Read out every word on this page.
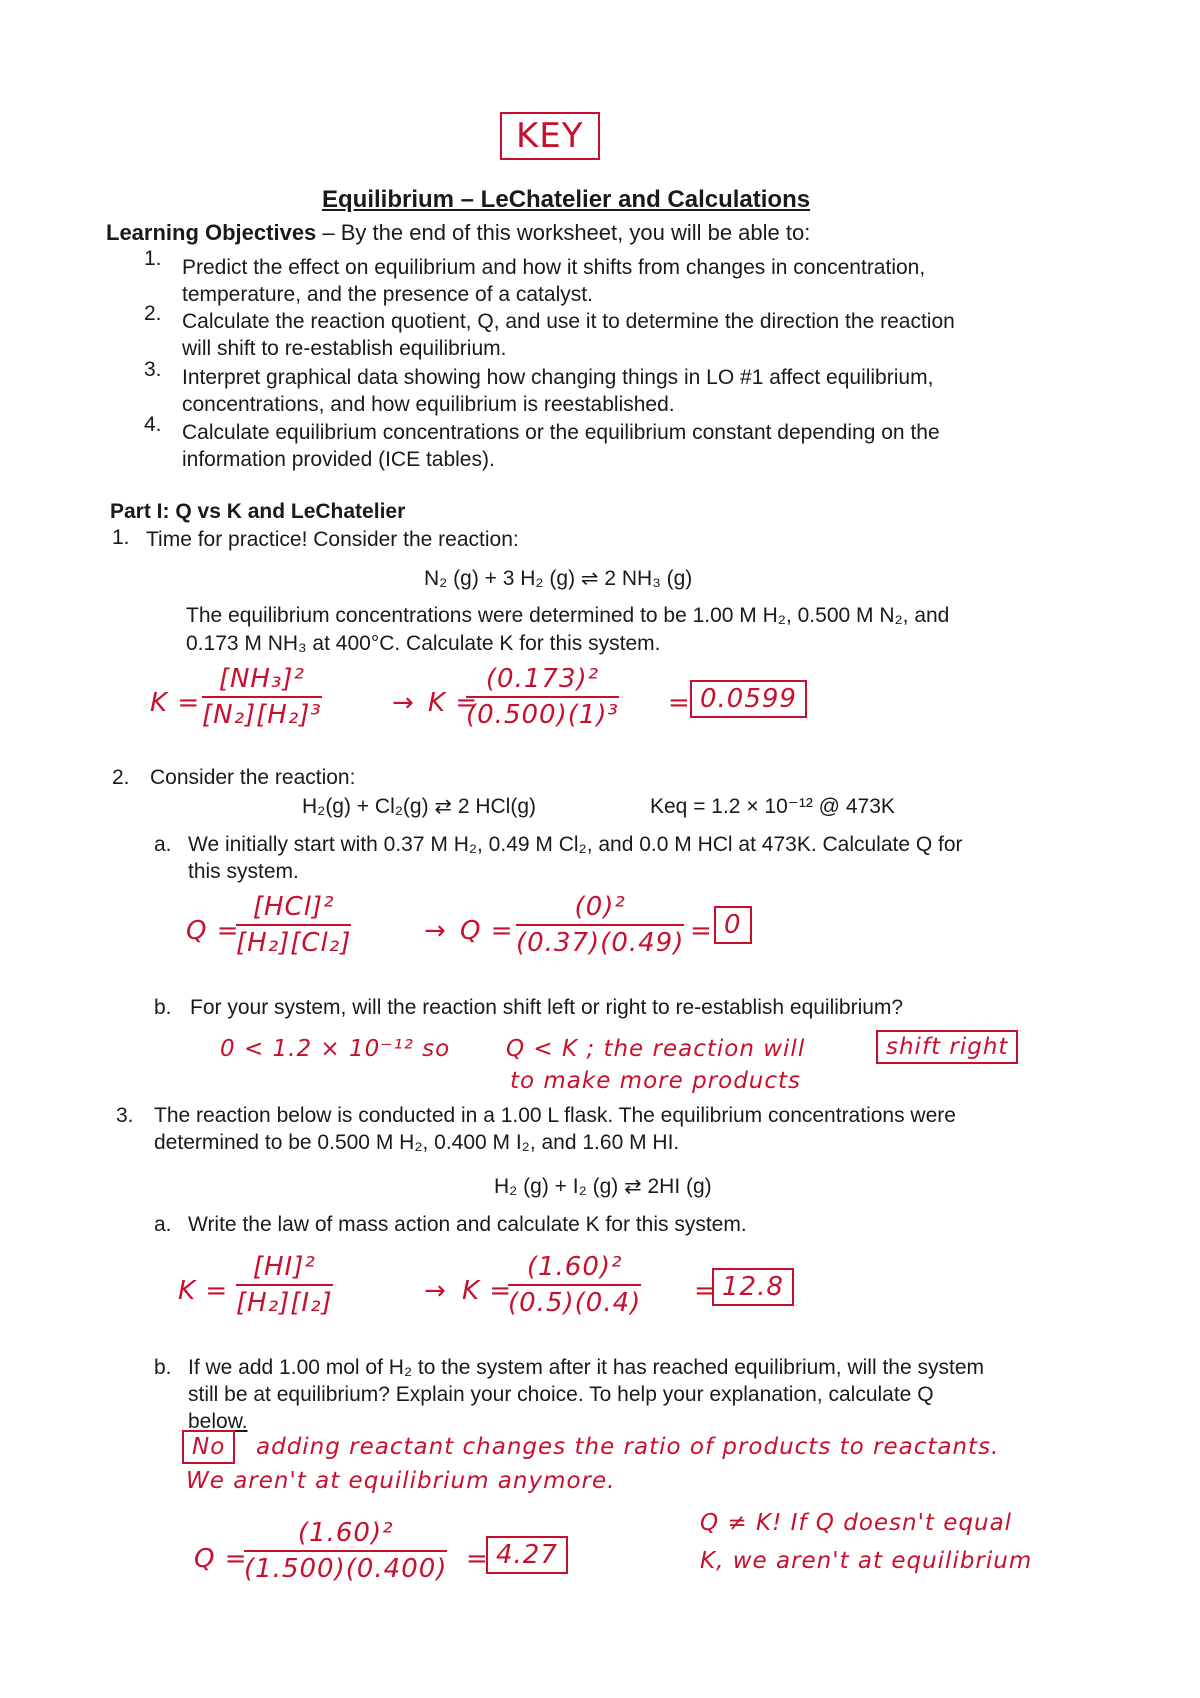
KEY
Equilibrium – LeChatelier and Calculations
Learning Objectives – By the end of this worksheet, you will be able to:
1. Predict the effect on equilibrium and how it shifts from changes in concentration,
temperature, and the presence of a catalyst.
2. Calculate the reaction quotient, Q, and use it to determine the direction the reaction
will shift to re-establish equilibrium.
3. Interpret graphical data showing how changing things in LO #1 affect equilibrium,
concentrations, and how equilibrium is reestablished.
4. Calculate equilibrium concentrations or the equilibrium constant depending on the
information provided (ICE tables).
Part I: Q vs K and LeChatelier
1. Time for practice! Consider the reaction:
N₂ (g) + 3 H₂ (g) ⇌ 2 NH₃ (g)
The equilibrium concentrations were determined to be 1.00 M H₂, 0.500 M N₂, and
0.173 M NH₃ at 400°C. Calculate K for this system.
$K = \frac{\text{[NH₃]²}}{\text{[N₂][H₂]³}}$	→ K =
$\frac{\text{(0.173)²}}{\text{(0.500)(1)³}} = 0.0599$
2. Consider the reaction:
H₂(g) + Cl₂(g) ⇄ 2 HCl(g)	Keq = 1.2 × 10⁻¹² @ 473K
a. We initially start with 0.37 M H₂, 0.49 M Cl₂, and 0.0 M HCl at 473K. Calculate Q for
this system.
Q =
[HCl]²
[H₂][Cl₂]	→ $Q = \frac{\text{(0)²}}{(0.37)(0.49)} = 0$
b. For your system, will the reaction shift left or right to re-establish equilibrium?
0 < 1.2 × 10⁻¹² so Q < K ; the reaction will	shift right
to make more products
3. The reaction below is conducted in a 1.00 L flask. The equilibrium concentrations were
determined to be 0.500 M H₂, 0.400 M I₂, and 1.60 M HI.
H₂ (g) + I₂ (g) ⇄ 2HI (g)
a. Write the law of mass action and calculate K for this system.
$K = \frac{\text{[HI]²}}{\text{[H₂][I₂]}}$	→ K =
$\frac{\text{(1.60)²}}{(0.5)(0.4)} = 12.8$
b. If we add 1.00 mol of H₂ to the system after it has reached equilibrium, will the system
still be at equilibrium? Explain your choice. To help your explanation, calculate Q
below.
No	adding reactant changes the ratio of products to reactants.
We aren't at equilibrium anymore.
Q =
$\frac{\text{(1.60)²}}{(1.500)(0.400)} = 4.27$
Q ≠ K! If Q doesn't equal
K, we aren't at equilibrium
